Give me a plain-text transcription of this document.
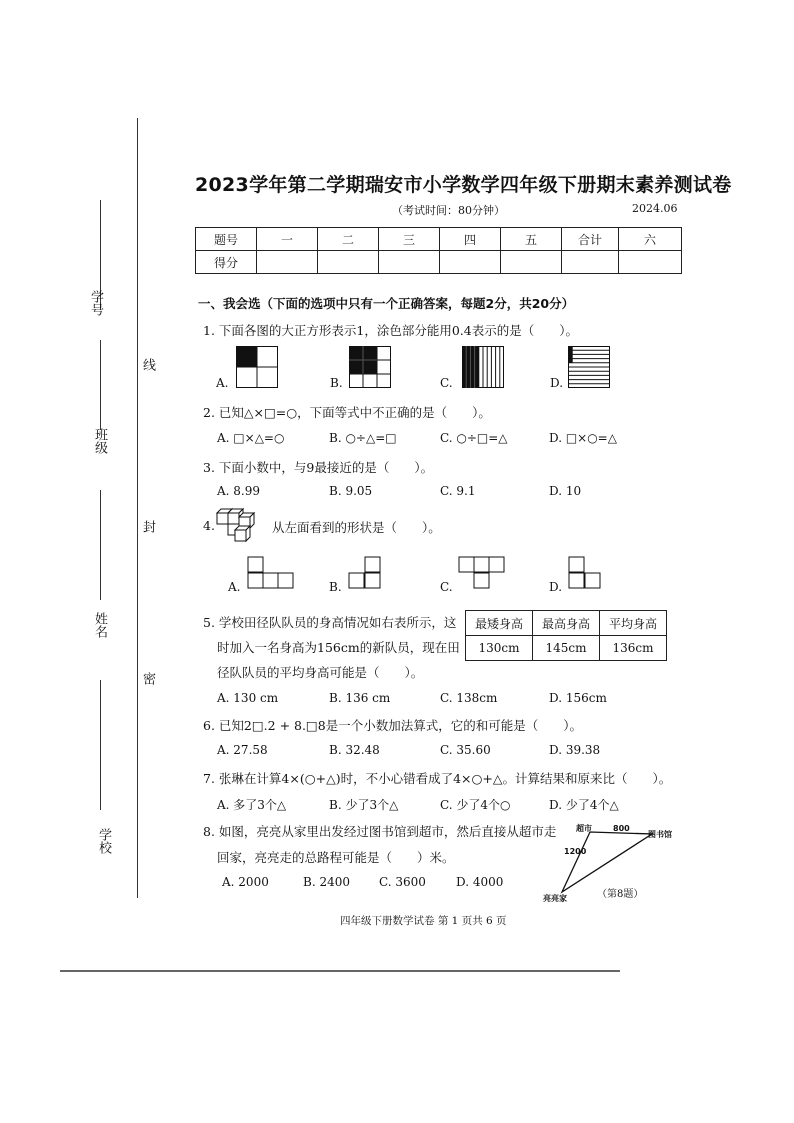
学号
班级
姓名
学校
线
封
密
2023学年第二学期瑞安市小学数学四年级下册期末素养测试卷
（考试时间：80分钟）	2024.06
题号	一	二	三	四	五	合计	六
得分							
一、我会选（下面的选项中只有一个正确答案，每题2分，共20分）
1. 下面各图的大正方形表示1，涂色部分能用0.4表示的是（　　）。
A.	B.	C.	D.
2. 已知△×□=○，下面等式中不正确的是（　　）。
A. □×△=○	B. ○÷△=□	C. ○÷□=△	D. □×○=△
3. 下面小数中，与9最接近的是（　　）。
A. 8.99	B. 9.05	C. 9.1	D. 10
4.	从左面看到的形状是（　　）。
A.	B.	C.	D.
5. 学校田径队队员的身高情况如右表所示，这
时加入一名身高为156cm的新队员，现在田
径队队员的平均身高可能是（　　）。
最矮身高	最高身高	平均身高
130cm	145cm	136cm
A. 130 cm	B. 136 cm	C. 138cm	D. 156cm
6. 已知2□.2 + 8.□8是一个小数加法算式，它的和可能是（　　）。
A. 27.58	B. 32.48	C. 35.60	D. 39.38
7. 张琳在计算4×(○+△)时，不小心错看成了4×○+△。计算结果和原来比（　　）。
A. 多了3个△	B. 少了3个△	C. 少了4个○	D. 少了4个△
8. 如图，亮亮从家里出发经过图书馆到超市，然后直接从超市走
回家，亮亮走的总路程可能是（　　）米。
A. 2000	B. 2400 C. 3600	D. 4000
超市	800
图书馆
1200
亮亮家	（第8题）
四年级下册数学试卷 第 1 页共 6 页
